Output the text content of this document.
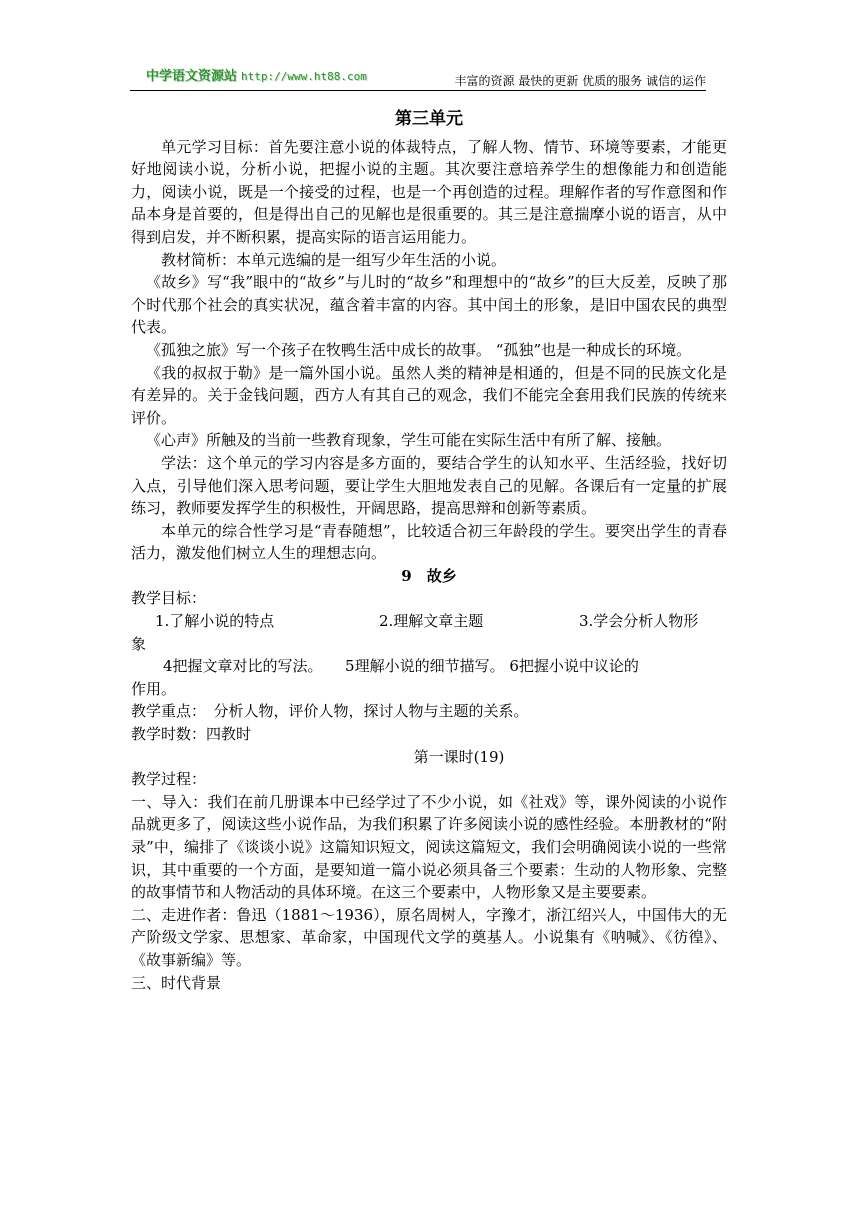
中学语文资源站 http://www.ht88.com	丰富的资源 最快的更新 优质的服务 诚信的运作
第三单元

单元学习目标：首先要注意小说的体裁特点，了解人物、情节、环境等要素，才能更好地阅读小说，分析小说，把握小说的主题。其次要注意培养学生的想像能力和创造能力，阅读小说，既是一个接受的过程，也是一个再创造的过程。理解作者的写作意图和作品本身是首要的，但是得出自己的见解也是很重要的。其三是注意揣摩小说的语言，从中得到启发，并不断积累，提高实际的语言运用能力。

教材简析：本单元选编的是一组写少年生活的小说。

《故乡》写“我”眼中的“故乡”与儿时的“故乡”和理想中的“故乡”的巨大反差，反映了那个时代那个社会的真实状况，蕴含着丰富的内容。其中闰土的形象，是旧中国农民的典型代表。

《孤独之旅》写一个孩子在牧鸭生活中成长的故事。 “孤独”也是一种成长的环境。

《我的叔叔于勒》是一篇外国小说。虽然人类的精神是相通的，但是不同的民族文化是有差异的。关于金钱问题，西方人有其自己的观念，我们不能完全套用我们民族的传统来评价。

《心声》所触及的当前一些教育现象，学生可能在实际生活中有所了解、接触。

学法：这个单元的学习内容是多方面的，要结合学生的认知水平、生活经验，找好切入点，引导他们深入思考问题，要让学生大胆地发表自己的见解。各课后有一定量的扩展练习，教师要发挥学生的积极性，开阔思路，提高思辩和创新等素质。

本单元的综合性学习是“青春随想”，比较适合初三年龄段的学生。要突出学生的青春活力，激发他们树立人生的理想志向。

9　故乡

教学目标：

1.了解小说的特点	2.理解文章主题	3.学会分析人物形

象

4把握文章对比的写法。　　5理解小说的细节描写。 6把握小说中议论的

作用。

教学重点：　分析人物，评价人物，探讨人物与主题的关系。

教学时数：四教时

第一课时(19)

教学过程：

一、导入：我们在前几册课本中已经学过了不少小说，如《社戏》等，课外阅读的小说作品就更多了，阅读这些小说作品，为我们积累了许多阅读小说的感性经验。本册教材的“附录”中，编排了《谈谈小说》这篇知识短文，阅读这篇短文，我们会明确阅读小说的一些常识，其中重要的一个方面，是要知道一篇小说必须具备三个要素：生动的人物形象、完整的故事情节和人物活动的具体环境。在这三个要素中，人物形象又是主要要素。

二、走进作者：鲁迅（1881～1936），原名周树人，字豫才，浙江绍兴人，中国伟大的无产阶级文学家、思想家、革命家，中国现代文学的奠基人。小说集有《呐喊》、《彷徨》、《故事新编》等。

三、时代背景
